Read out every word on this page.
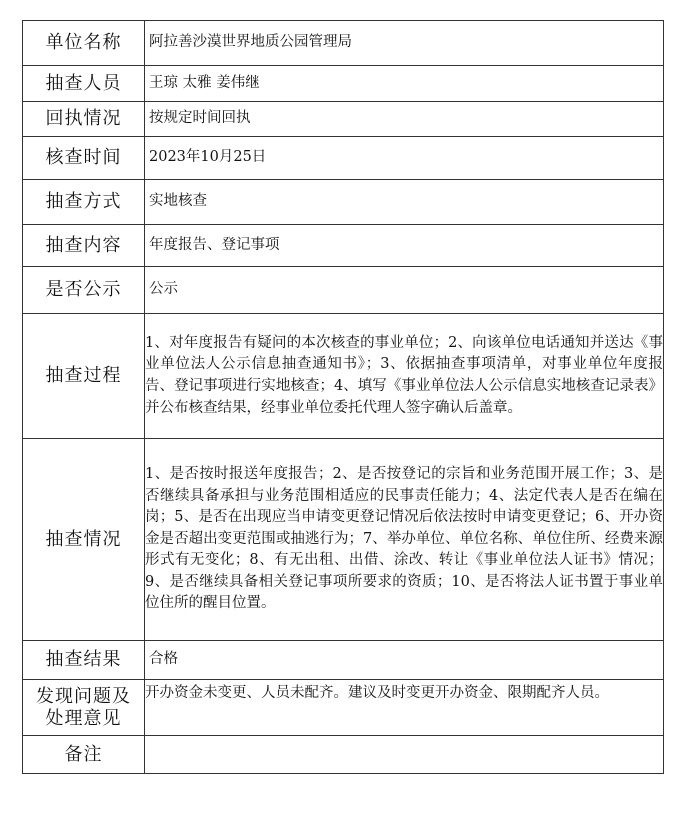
单位名称	阿拉善沙漠世界地质公园管理局
抽查人员	王琼 太雅 姜伟继
回执情况	按规定时间回执
核查时间	2023年10月25日
抽查方式	实地核查
抽查内容	年度报告、登记事项
是否公示	公示
抽查过程	1、对年度报告有疑问的本次核查的事业单位；2、向该单位电话通知并送达《事业单位法人公示信息抽查通知书》；3、依据抽查事项清单，对事业单位年度报告、登记事项进行实地核查；4、填写《事业单位法人公示信息实地核查记录表》并公布核查结果，经事业单位委托代理人签字确认后盖章。
抽查情况	1、是否按时报送年度报告；2、是否按登记的宗旨和业务范围开展工作；3、是否继续具备承担与业务范围相适应的民事责任能力；4、法定代表人是否在编在岗；5、是否在出现应当申请变更登记情况后依法按时申请变更登记；6、开办资金是否超出变更范围或抽逃行为；7、举办单位、单位名称、单位住所、经费来源形式有无变化；8、有无出租、出借、涂改、转让《事业单位法人证书》情况；9、是否继续具备相关登记事项所要求的资质；10、是否将法人证书置于事业单位住所的醒目位置。
抽查结果	合格

发现问题及
处理意见	开办资金未变更、人员未配齐。建议及时变更开办资金、限期配齐人员。
备注	
